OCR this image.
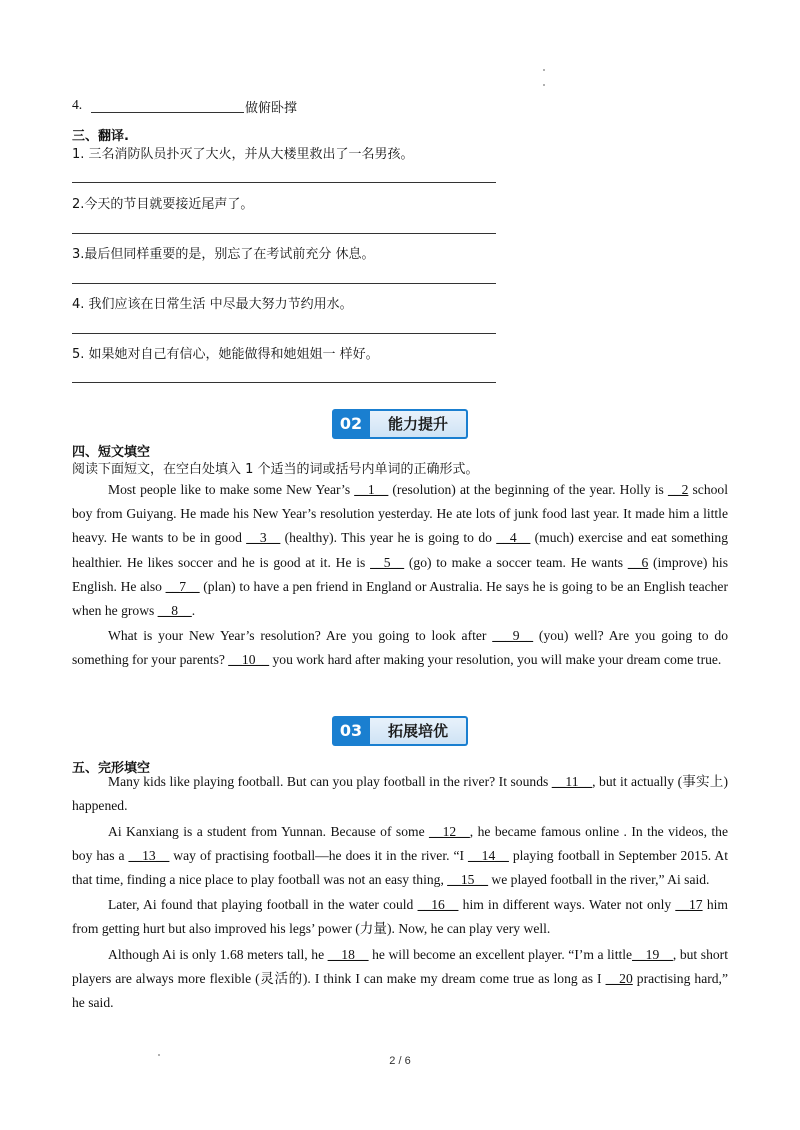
4.	做俯卧撑
三、翻译.
1. 三名消防队员扑灭了大火，并从大楼里救出了一名男孩。
2.今天的节目就要接近尾声了。
3.最后但同样重要的是，别忘了在考试前充分 休息。
4. 我们应该在日常生活 中尽最大努力节约用水。
5. 如果她对自己有信心，她能做得和她姐姐一 样好。
02	能力提升
四、短文填空
阅读下面短文，在空白处填入 1 个适当的词或括号内单词的正确形式。

Most people like to make some New Year’s __1__ (resolution) at the beginning of the year. Holly is __2 school boy from Guiyang. He made his New Year’s resolution yesterday. He ate lots of junk food last year. It made him a little heavy. He wants to be in good __3__ (healthy). This year he is going to do __4__ (much) exercise and eat something healthier. He likes soccer and he is good at it. He is __5__ (go) to make a soccer team. He wants __6 (improve) his English. He also __7__ (plan) to have a pen friend in England or Australia. He says he is going to be an English teacher when he grows __8__.

What is your New Year’s resolution? Are you going to look after ___9__ (you) well? Are you going to do something for your parents? __10__ you work hard after making your resolution, you will make your dream come true.

03	拓展培优
五、完形填空

Many kids like playing football. But can you play football in the river? It sounds __11__, but it actually (事实上) happened.

Ai Kanxiang is a student from Yunnan. Because of some __12__, he became famous online . In the videos, the boy has a __13__ way of practising football—he does it in the river. “I __14__ playing football in September 2015. At that time, finding a nice place to play football was not an easy thing, __15__ we played football in the river,” Ai said.

Later, Ai found that playing football in the water could __16__ him in different ways. Water not only __17 him from getting hurt but also improved his legs’ power (力量). Now, he can play very well.

Although Ai is only 1.68 meters tall, he __18__ he will become an excellent player. “I’m a little__19__, but short players are always more flexible (灵活的). I think I can make my dream come true as long as I __20 practising hard,” he said.

2 / 6
